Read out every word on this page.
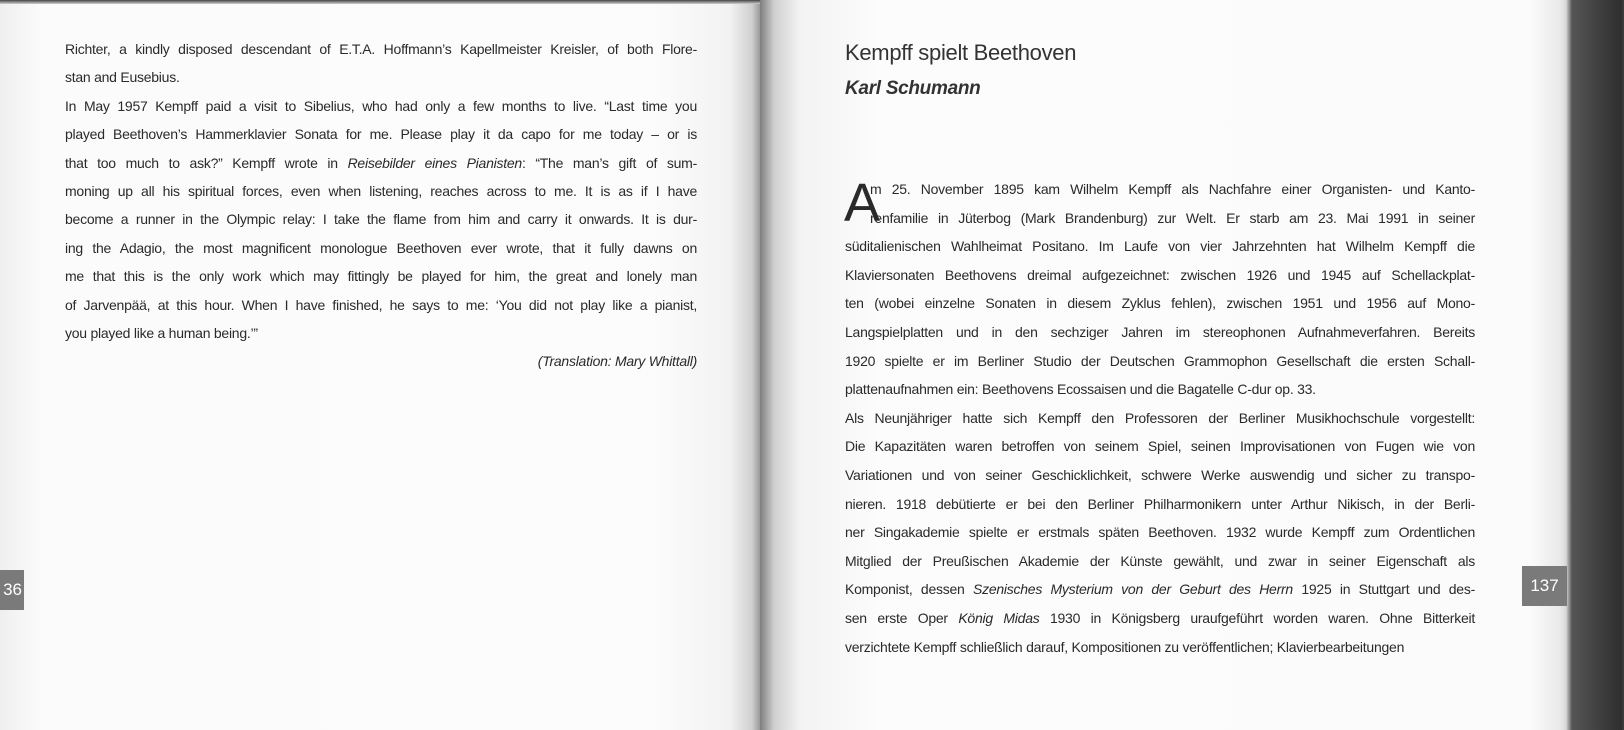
Richter, a kindly disposed descendant of E.T.A. Hoffmann’s Kapellmeister Kreisler, of both Flore-
stan and Eusebius.
In May 1957 Kempff paid a visit to Sibelius, who had only a few months to live. “Last time you
played Beethoven’s Hammerklavier Sonata for me. Please play it da capo for me today – or is
that too much to ask?” Kempff wrote in Reisebilder eines Pianisten: “The man’s gift of sum-
moning up all his spiritual forces, even when listening, reaches across to me. It is as if I have
become a runner in the Olympic relay: I take the flame from him and carry it onwards. It is dur-
ing the Adagio, the most magnificent monologue Beethoven ever wrote, that it fully dawns on
me that this is the only work which may fittingly be played for him, the great and lonely man
of Jarvenpää, at this hour. When I have finished, he says to me: ‘You did not play like a pianist,
you played like a human being.’”
(Translation: Mary Whittall)
36
Kempff spielt Beethoven
Karl Schumann
A
m 25. November 1895 kam Wilhelm Kempff als Nachfahre einer Organisten- und Kanto-
renfamilie in Jüterbog (Mark Brandenburg) zur Welt. Er starb am 23. Mai 1991 in seiner
süditalienischen Wahlheimat Positano. Im Laufe von vier Jahrzehnten hat Wilhelm Kempff die
Klaviersonaten Beethovens dreimal aufgezeichnet: zwischen 1926 und 1945 auf Schellackplat-
ten (wobei einzelne Sonaten in diesem Zyklus fehlen), zwischen 1951 und 1956 auf Mono-
Langspielplatten und in den sechziger Jahren im stereophonen Aufnahmeverfahren. Bereits
1920 spielte er im Berliner Studio der Deutschen Grammophon Gesellschaft die ersten Schall-
plattenaufnahmen ein: Beethovens Ecossaisen und die Bagatelle C-dur op. 33.
Als Neunjähriger hatte sich Kempff den Professoren der Berliner Musikhochschule vorgestellt:
Die Kapazitäten waren betroffen von seinem Spiel, seinen Improvisationen von Fugen wie von
Variationen und von seiner Geschicklichkeit, schwere Werke auswendig und sicher zu transpo-
nieren. 1918 debütierte er bei den Berliner Philharmonikern unter Arthur Nikisch, in der Berli-
ner Singakademie spielte er erstmals späten Beethoven. 1932 wurde Kempff zum Ordentlichen
Mitglied der Preußischen Akademie der Künste gewählt, und zwar in seiner Eigenschaft als
Komponist, dessen Szenisches Mysterium von der Geburt des Herrn 1925 in Stuttgart und des-
sen erste Oper König Midas 1930 in Königsberg uraufgeführt worden waren. Ohne Bitterkeit
verzichtete Kempff schließlich darauf, Kompositionen zu veröffentlichen; Klavierbearbeitungen
137
